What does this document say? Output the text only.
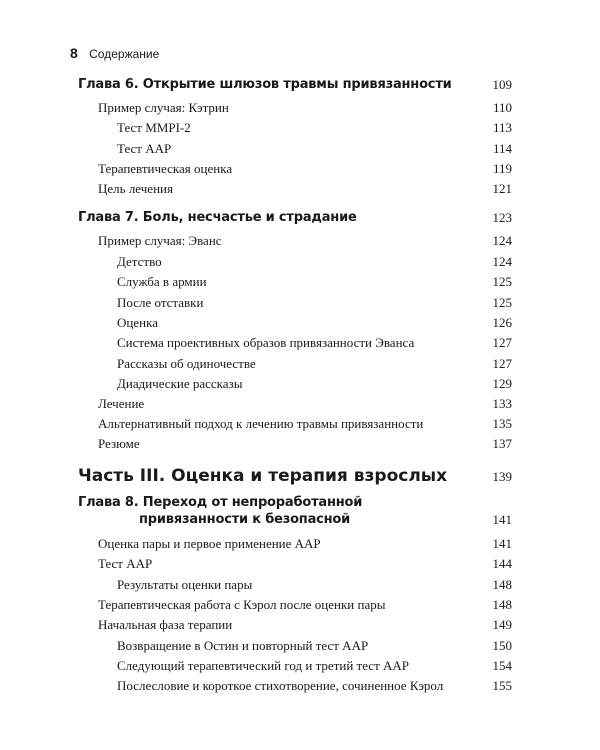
8 Содержание
Глава 6. Открытие шлюзов травмы привязанности	109
Пример случая: Кэтрин	110
Тест MMPI-2	113
Тест ААР	114
Терапевтическая оценка	119
Цель лечения	121
Глава 7. Боль, несчастье и страдание	123
Пример случая: Эванс	124
Детство	124
Служба в армии	125
После отставки	125
Оценка	126
Система проективных образов привязанности Эванса	127
Рассказы об одиночестве	127
Диадические рассказы	129
Лечение	133
Альтернативный подход к лечению травмы привязанности	135
Резюме	137
Часть III. Оценка и терапия взрослых	139
Глава 8. Переход от непроработанной
привязанности к безопасной	141
Оценка пары и первое применение ААР	141
Тест ААР	144
Результаты оценки пары	148
Терапевтическая работа с Кэрол после оценки пары	148
Начальная фаза терапии	149
Возвращение в Остин и повторный тест ААР	150
Следующий терапевтический год и третий тест ААР	154
Послесловие и короткое стихотворение, сочиненное Кэрол	155
